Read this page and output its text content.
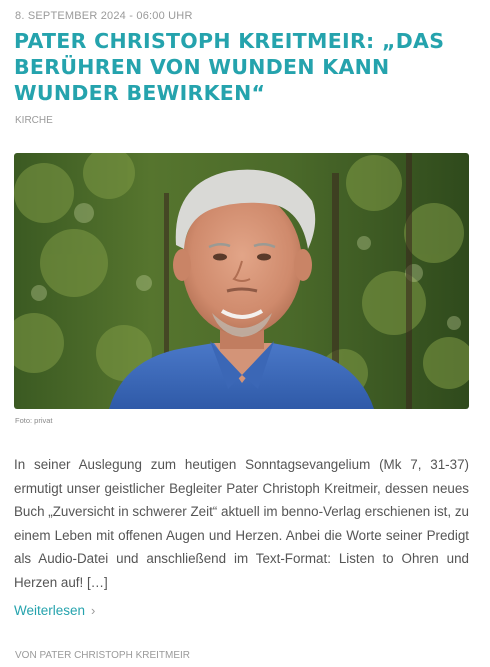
8. SEPTEMBER 2024 - 06:00 UHR
PATER CHRISTOPH KREITMEIR: „DAS BERÜHREN VON WUNDEN KANN WUNDER BEWIRKEN“
KIRCHE
Foto: privat

In seiner Auslegung zum heutigen Sonntagsevangelium (Mk 7, 31-37) ermutigt unser geistlicher Begleiter Pater Christoph Kreitmeir, dessen neues Buch „Zuversicht in schwerer Zeit“ aktuell im benno-Verlag erschienen ist, zu einem Leben mit offenen Augen und Herzen. Anbei die Worte seiner Predigt als Audio-Datei und anschließend im Text-Format: Listen to Ohren und Herzen auf! […]

Weiterlesen ›
VON PATER CHRISTOPH KREITMEIR
